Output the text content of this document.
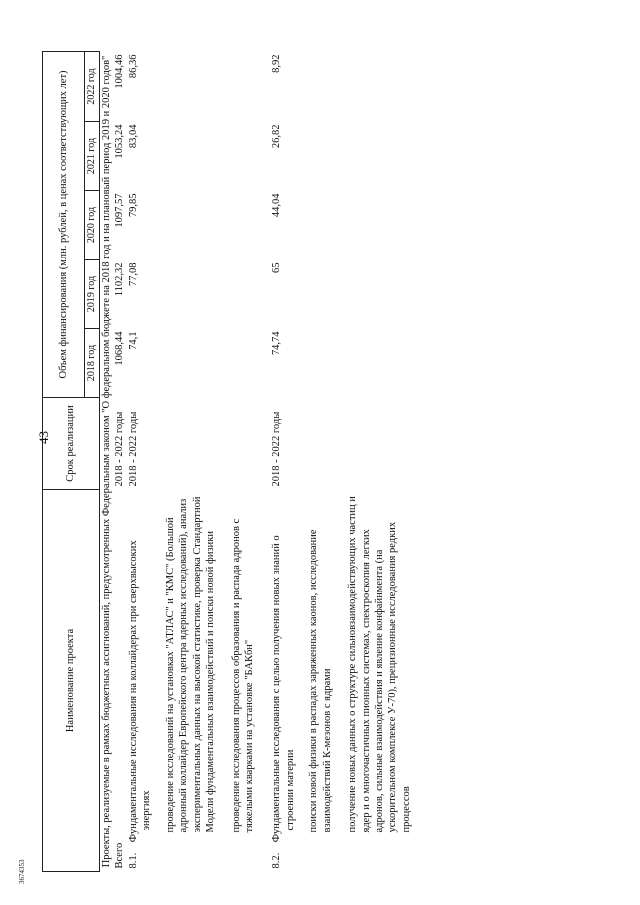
43
3674353
Наименование проекта	Срок реализации	Объем финансирования (млн. рублей, в ценах соответствующих лет)				
		2018 год	2019 год	2020 год	2021 год	2022 год
Проекты, реализуемые в рамках бюджетных ассигнований, предусмотренных Федеральным законом "О федеральном бюджете на 2018 год и на плановый период 2019 и 2020 годов"						
Всего	2018 - 2022 годы	1068,44	1102,32	1097,57	1053,24	1004,46

8.1.    Фундаментальные исследования на коллайдерах при сверхвысоких энергиях проведение исследований на установках "АТЛАС" и "КМС" (Большой адронный коллайдер Европейского центра ядерных исследований), анализ экспериментальных данных на высокой статистике, проверка Стандартной Модели фундаментальных взаимодействий и поиски новой физики проведение исследования процессов образования и распада адронов с тяжелыми кварками на установке "БАКбн"	2018 - 2022 годы	74,1	77,08	79,85	83,04	86,36

8.2.    Фундаментальные исследования с целью получения новых знаний о строении материи поиски новой физики в распадах заряженных каонов, исследование взаимодействий К-мезонов с ядрами получение новых данных о структуре сильновзаимодействующих частиц и ядер и о многочастичных пионных системах, спектроскопия легких адронов, сильные взаимодействия и явление конфайнмента (на ускорительном комплексе У-70), прецизионные исследования редких процессов	2018 - 2022 годы	74,74	65	44,04	26,82	8,92
